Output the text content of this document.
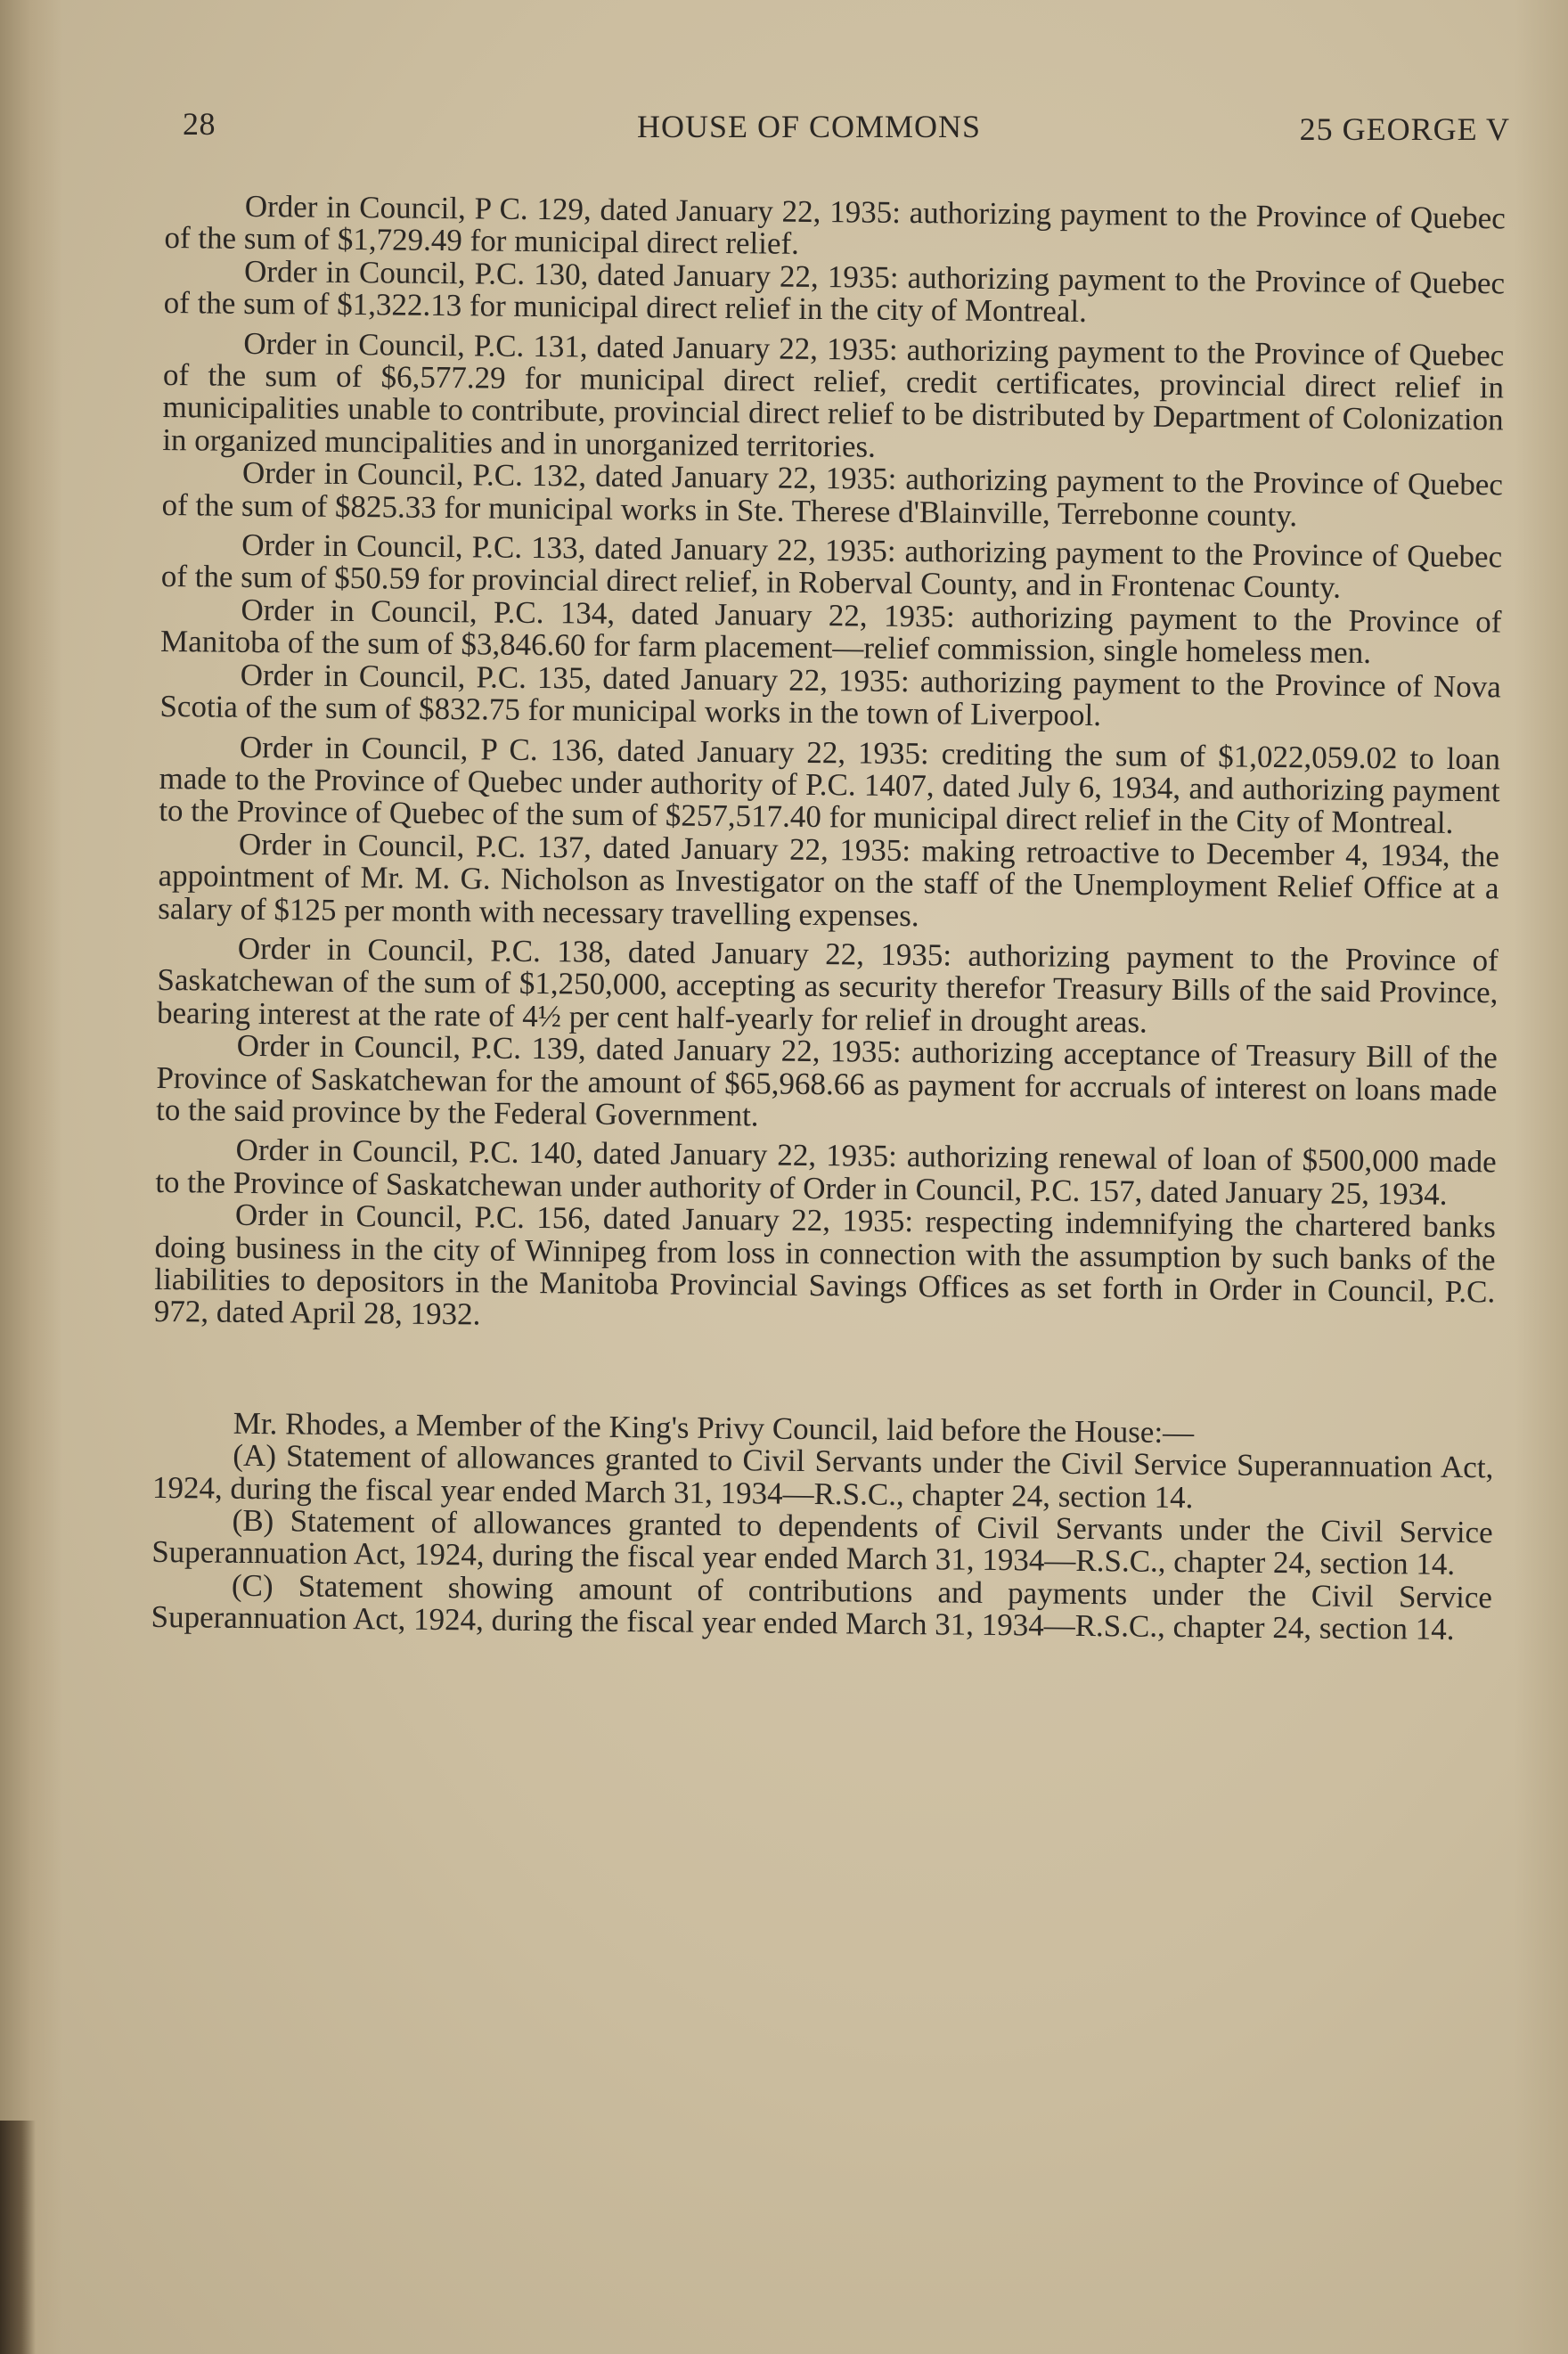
28	HOUSE OF COMMONS	25 GEORGE V

Order in Council, P C. 129, dated January 22, 1935: authorizing payment to the Province of Quebec of the sum of $1,729.49 for municipal direct relief.

Order in Council, P.C. 130, dated January 22, 1935: authorizing payment to the Province of Quebec of the sum of $1,322.13 for municipal direct relief in the city of Montreal.

Order in Council, P.C. 131, dated January 22, 1935: authorizing payment to the Province of Quebec of the sum of $6,577.29 for municipal direct relief, credit certificates, provincial direct relief in municipalities unable to contribute, provincial direct relief to be distributed by Department of Colonization in organized muncipalities and in unorganized territories.

Order in Council, P.C. 132, dated January 22, 1935: authorizing payment to the Province of Quebec of the sum of $825.33 for municipal works in Ste. Therese d'Blainville, Terrebonne county.

Order in Council, P.C. 133, dated January 22, 1935: authorizing payment to the Province of Quebec of the sum of $50.59 for provincial direct relief, in Roberval County, and in Frontenac County.

Order in Council, P.C. 134, dated January 22, 1935: authorizing payment to the Province of Manitoba of the sum of $3,846.60 for farm placement—relief commission, single homeless men.

Order in Council, P.C. 135, dated January 22, 1935: authorizing payment to the Province of Nova Scotia of the sum of $832.75 for municipal works in the town of Liverpool.

Order in Council, P C. 136, dated January 22, 1935: crediting the sum of $1,022,059.02 to loan made to the Province of Quebec under authority of P.C. 1407, dated July 6, 1934, and authorizing payment to the Province of Quebec of the sum of $257,517.40 for municipal direct relief in the City of Montreal.

Order in Council, P.C. 137, dated January 22, 1935: making retroactive to December 4, 1934, the appointment of Mr. M. G. Nicholson as Investigator on the staff of the Unemployment Relief Office at a salary of $125 per month with necessary travelling expenses.

Order in Council, P.C. 138, dated January 22, 1935: authorizing payment to the Province of Saskatchewan of the sum of $1,250,000, accepting as security therefor Treasury Bills of the said Province, bearing interest at the rate of 4½ per cent half-yearly for relief in drought areas.

Order in Council, P.C. 139, dated January 22, 1935: authorizing acceptance of Treasury Bill of the Province of Saskatchewan for the amount of $65,968.66 as payment for accruals of interest on loans made to the said province by the Federal Government.

Order in Council, P.C. 140, dated January 22, 1935: authorizing renewal of loan of $500,000 made to the Province of Saskatchewan under authority of Order in Council, P.C. 157, dated January 25, 1934.

Order in Council, P.C. 156, dated January 22, 1935: respecting indemnifying the chartered banks doing business in the city of Winnipeg from loss in connection with the assumption by such banks of the liabilities to depositors in the Manitoba Provincial Savings Offices as set forth in Order in Council, P.C. 972, dated April 28, 1932.

Mr. Rhodes, a Member of the King's Privy Council, laid before the House:—

(A) Statement of allowances granted to Civil Servants under the Civil Service Superannuation Act, 1924, during the fiscal year ended March 31, 1934—R.S.C., chapter 24, section 14.

(B) Statement of allowances granted to dependents of Civil Servants under the Civil Service Superannuation Act, 1924, during the fiscal year ended March 31, 1934—R.S.C., chapter 24, section 14.

(C) Statement showing amount of contributions and payments under the Civil Service Superannuation Act, 1924, during the fiscal year ended March 31, 1934—R.S.C., chapter 24, section 14.
